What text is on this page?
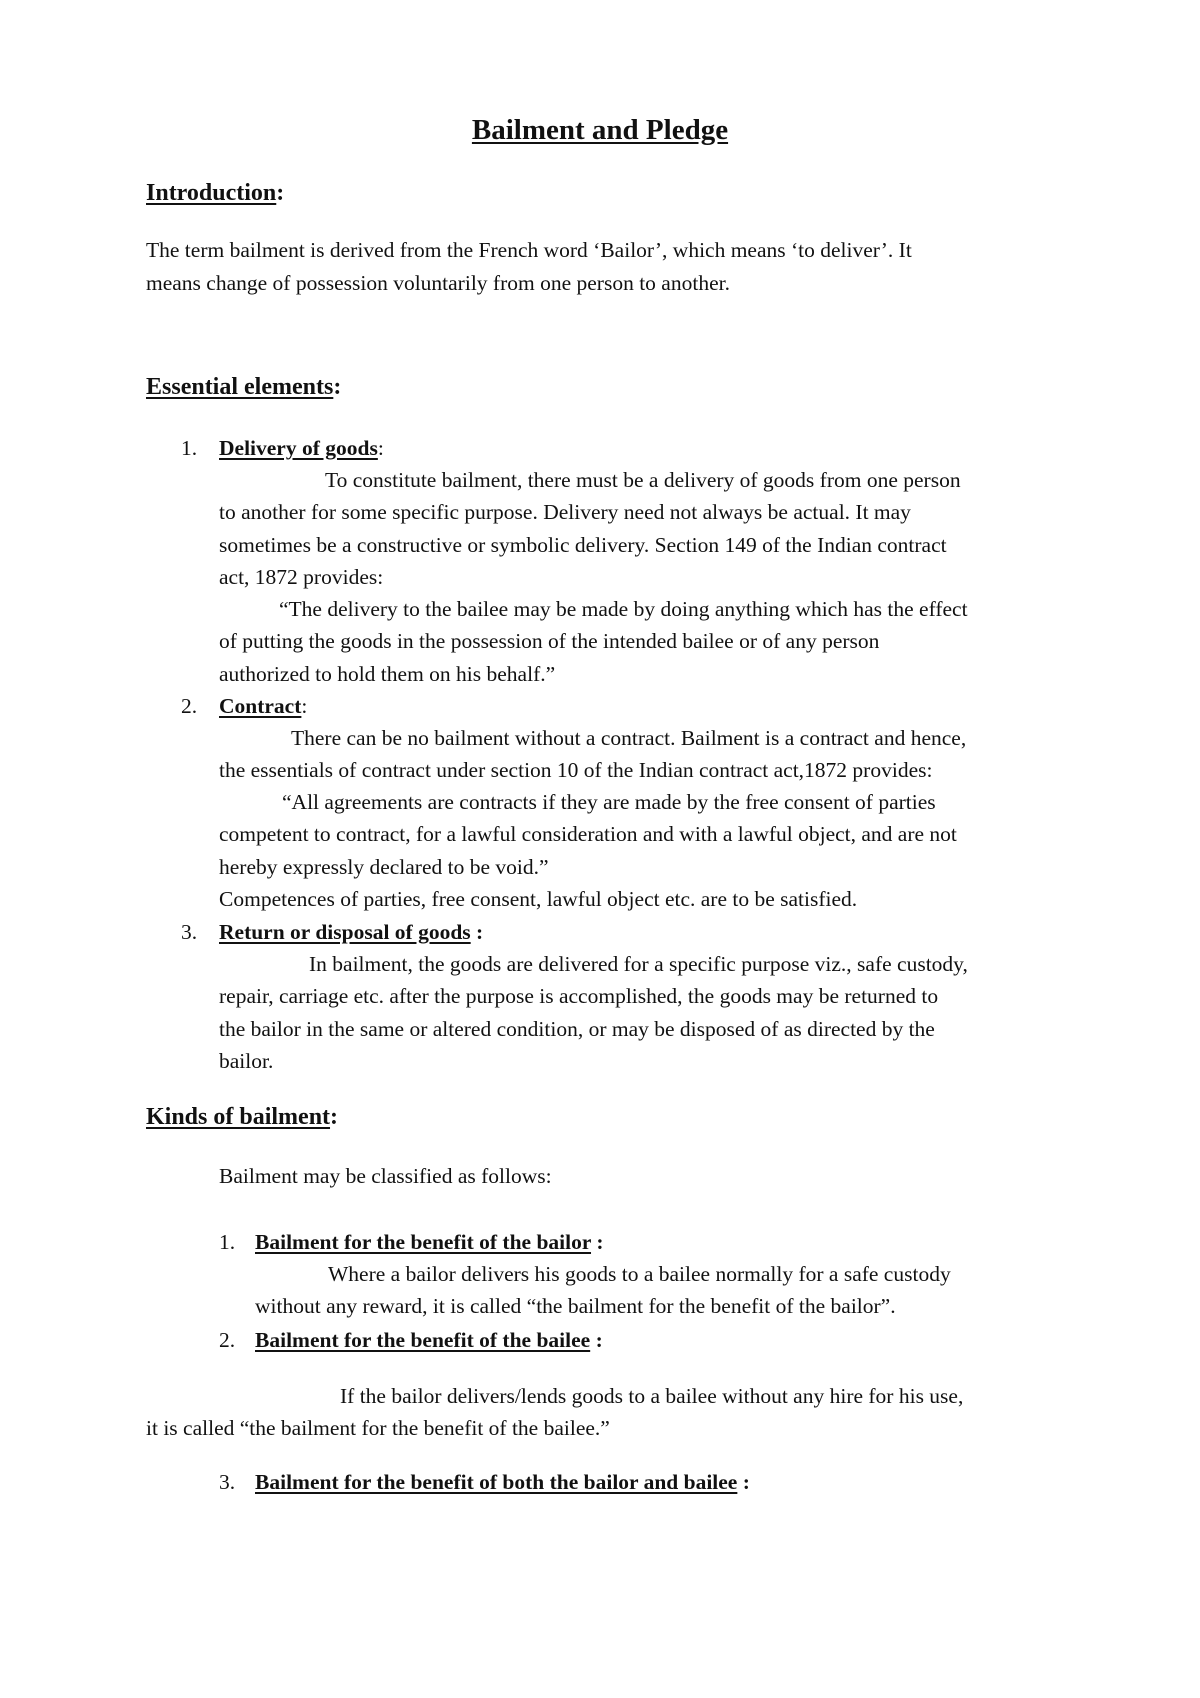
Bailment and Pledge
Introduction:
The term bailment is derived from the French word ‘Bailor’, which means ‘to deliver’. It
means change of possession voluntarily from one person to another.
Essential elements:
1. Delivery of goods:
To constitute bailment, there must be a delivery of goods from one person
to another for some specific purpose. Delivery need not always be actual. It may
sometimes be a constructive or symbolic delivery. Section 149 of the Indian contract
act, 1872 provides:
“The delivery to the bailee may be made by doing anything which has the effect
of putting the goods in the possession of the intended bailee or of any person
authorized to hold them on his behalf.”
2. Contract:
There can be no bailment without a contract. Bailment is a contract and hence,
the essentials of contract under section 10 of the Indian contract act,1872 provides:
“All agreements are contracts if they are made by the free consent of parties
competent to contract, for a lawful consideration and with a lawful object, and are not
hereby expressly declared to be void.”
Competences of parties, free consent, lawful object etc. are to be satisfied.
3. Return or disposal of goods :
In bailment, the goods are delivered for a specific purpose viz., safe custody,
repair, carriage etc. after the purpose is accomplished, the goods may be returned to
the bailor in the same or altered condition, or may be disposed of as directed by the
bailor.
Kinds of bailment:
Bailment may be classified as follows:
1. Bailment for the benefit of the bailor :
Where a bailor delivers his goods to a bailee normally for a safe custody
without any reward, it is called “the bailment for the benefit of the bailor”.
2. Bailment for the benefit of the bailee :
If the bailor delivers/lends goods to a bailee without any hire for his use,
it is called “the bailment for the benefit of the bailee.”
3. Bailment for the benefit of both the bailor and bailee :
